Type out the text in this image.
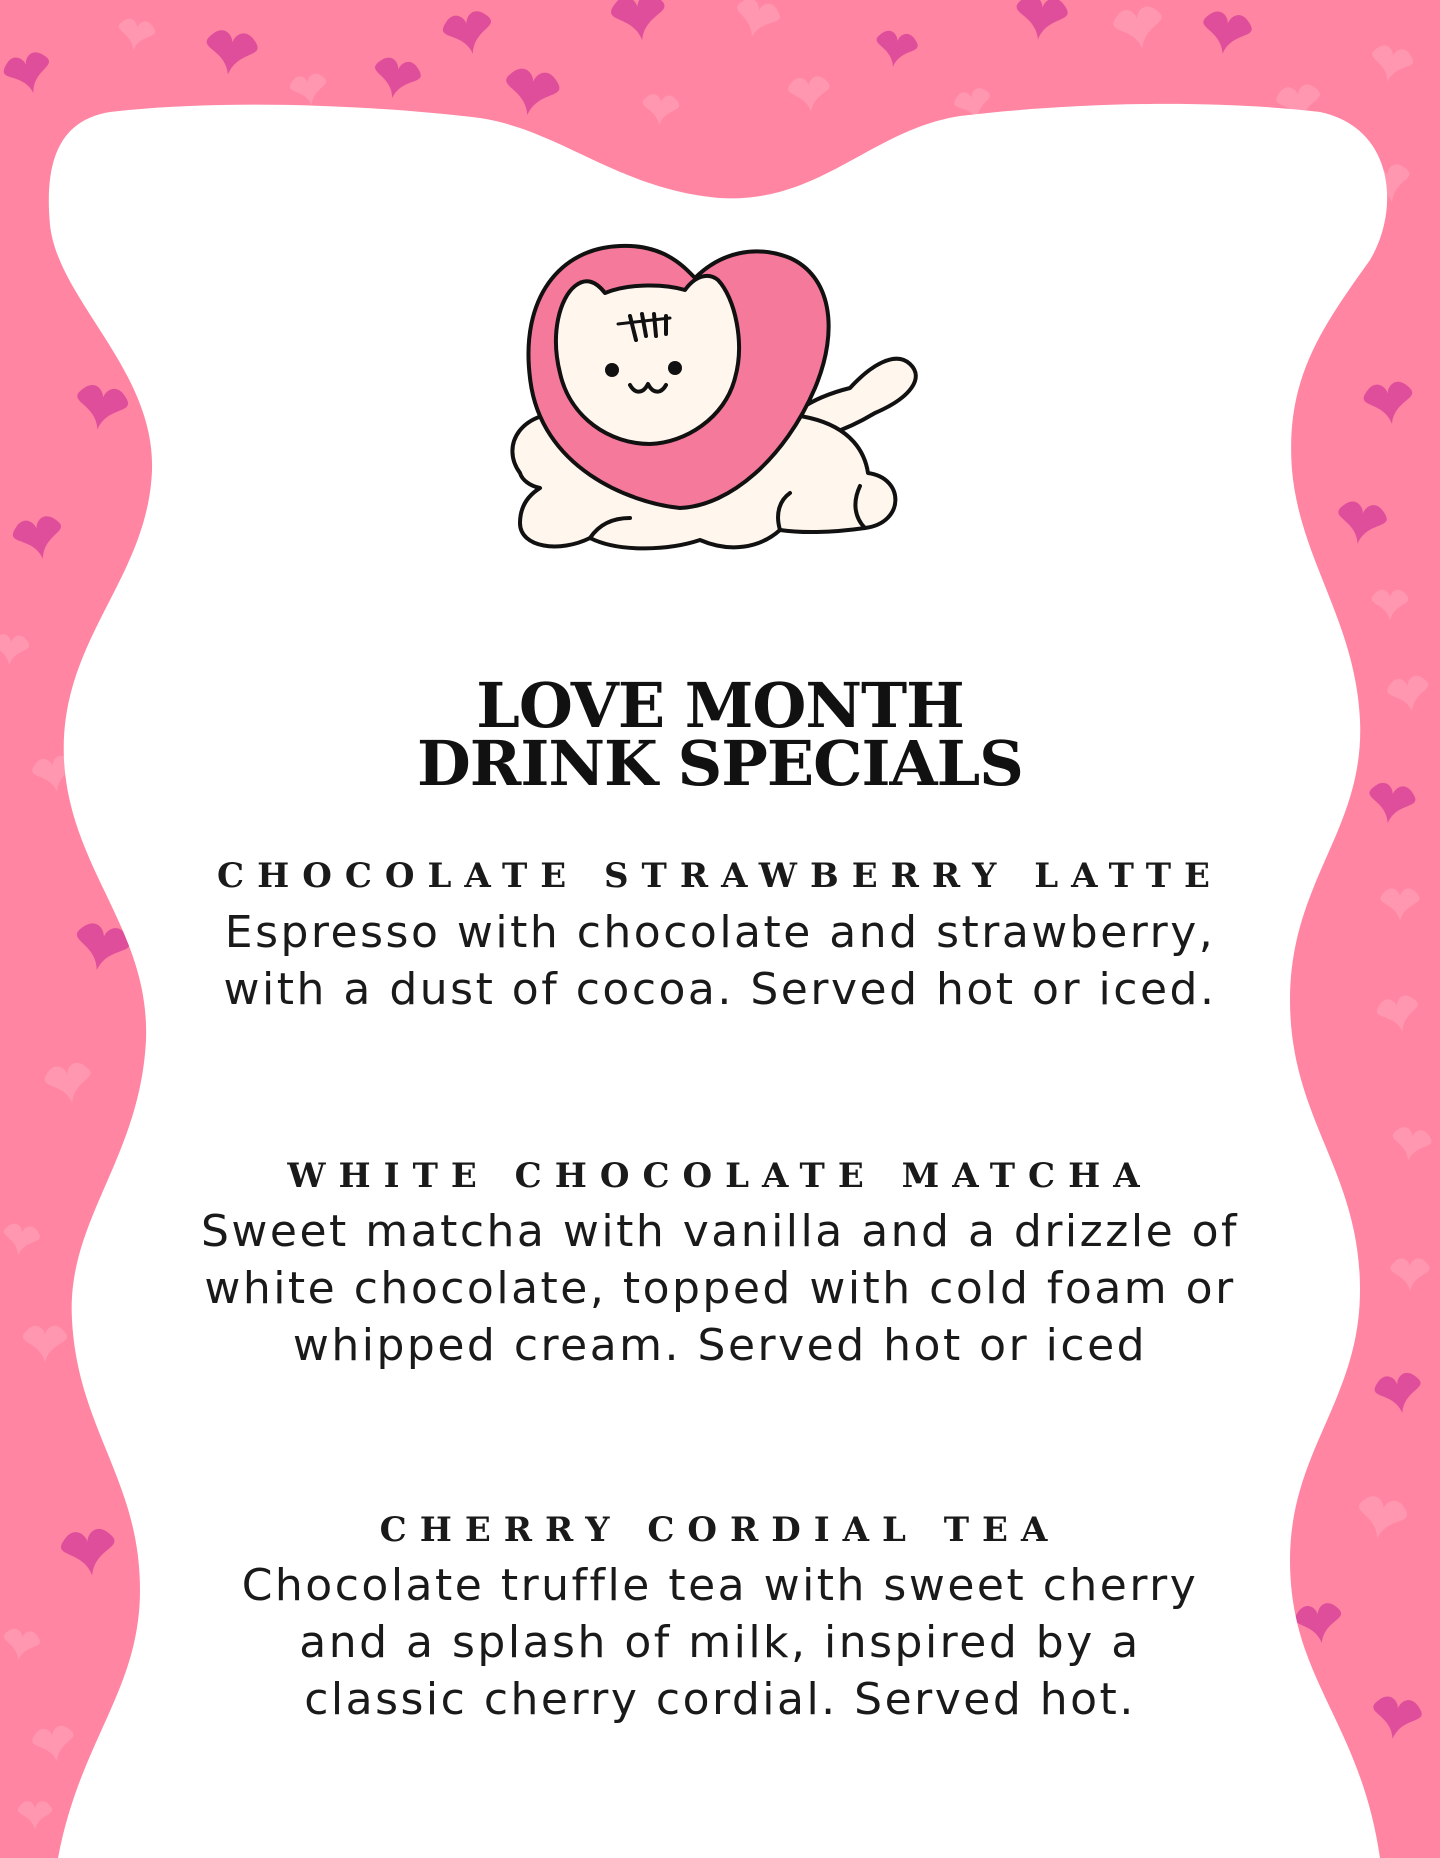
LOVE MONTH
DRINK SPECIALS
CHOCOLATE STRAWBERRY LATTE
Espresso with chocolate and strawberry,
with a dust of cocoa. Served hot or iced.
WHITE CHOCOLATE MATCHA
Sweet matcha with vanilla and a drizzle of
white chocolate, topped with cold foam or
whipped cream. Served hot or iced
CHERRY CORDIAL TEA
Chocolate truffle tea with sweet cherry
and a splash of milk, inspired by a
classic cherry cordial. Served hot.
